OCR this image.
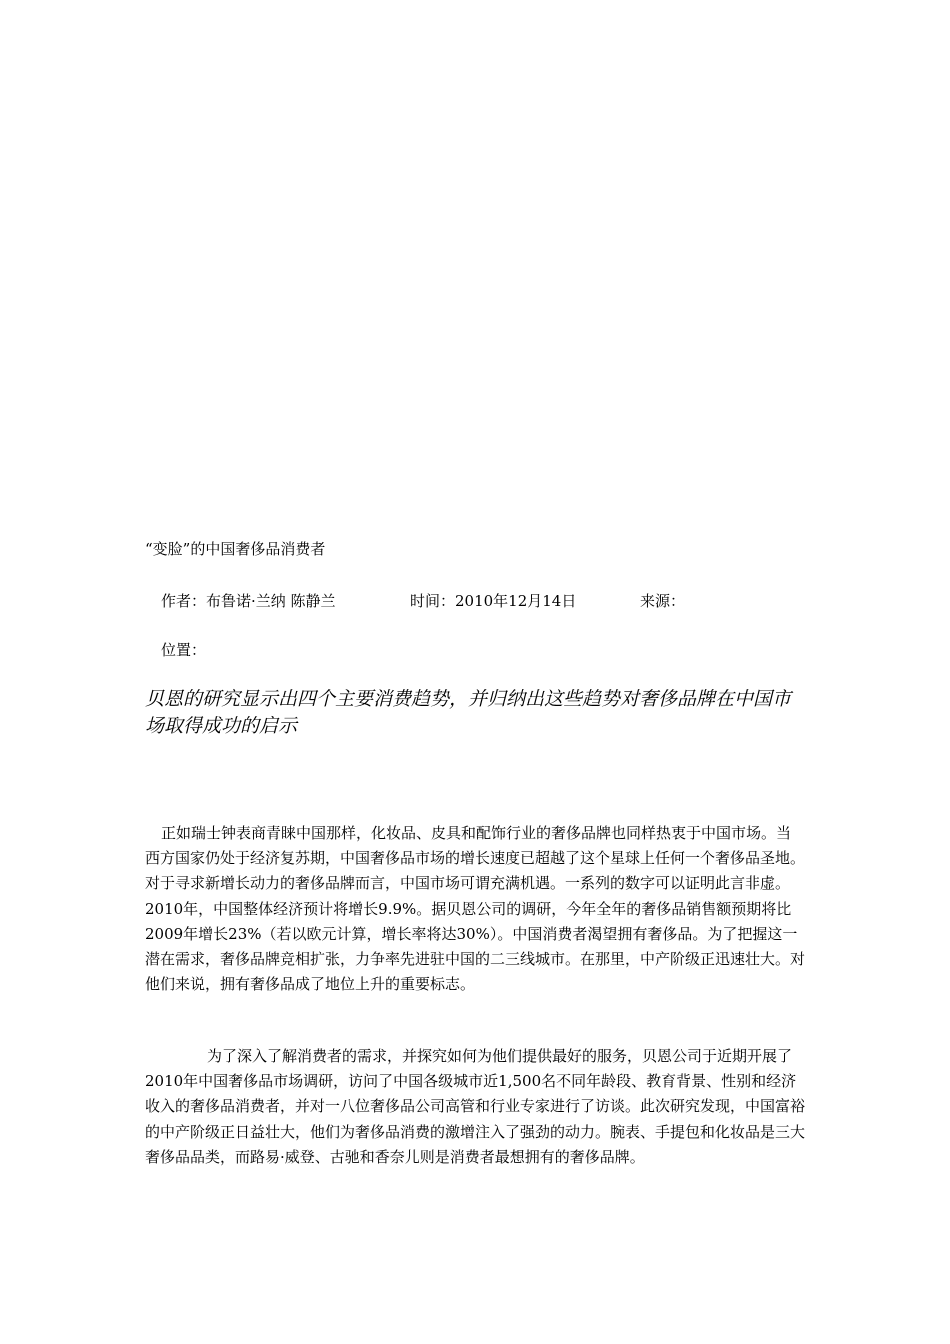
“变脸”的中国奢侈品消费者
作者：布鲁诺·兰纳 陈静兰	时间：2010年12月14日	来源：
位置：
贝恩的研究显示出四个主要消费趋势，并归纳出这些趋势对奢侈品牌在中国市场取得成功的启示

正如瑞士钟表商青睐中国那样，化妆品、皮具和配饰行业的奢侈品牌也同样热衷于中国市场。当西方国家仍处于经济复苏期，中国奢侈品市场的增长速度已超越了这个星球上任何一个奢侈品圣地。对于寻求新增长动力的奢侈品牌而言，中国市场可谓充满机遇。一系列的数字可以证明此言非虚。2010年，中国整体经济预计将增长9.9%。据贝恩公司的调研，今年全年的奢侈品销售额预期将比2009年增长23%（若以欧元计算，增长率将达30%）。中国消费者渴望拥有奢侈品。为了把握这一潜在需求，奢侈品牌竞相扩张，力争率先进驻中国的二三线城市。在那里，中产阶级正迅速壮大。对他们来说，拥有奢侈品成了地位上升的重要标志。

为了深入了解消费者的需求，并探究如何为他们提供最好的服务，贝恩公司于近期开展了2010年中国奢侈品市场调研，访问了中国各级城市近1,500名不同年龄段、教育背景、性别和经济收入的奢侈品消费者，并对一八位奢侈品公司高管和行业专家进行了访谈。此次研究发现，中国富裕的中产阶级正日益壮大，他们为奢侈品消费的激增注入了强劲的动力。腕表、手提包和化妆品是三大奢侈品品类，而路易·威登、古驰和香奈儿则是消费者最想拥有的奢侈品牌。
